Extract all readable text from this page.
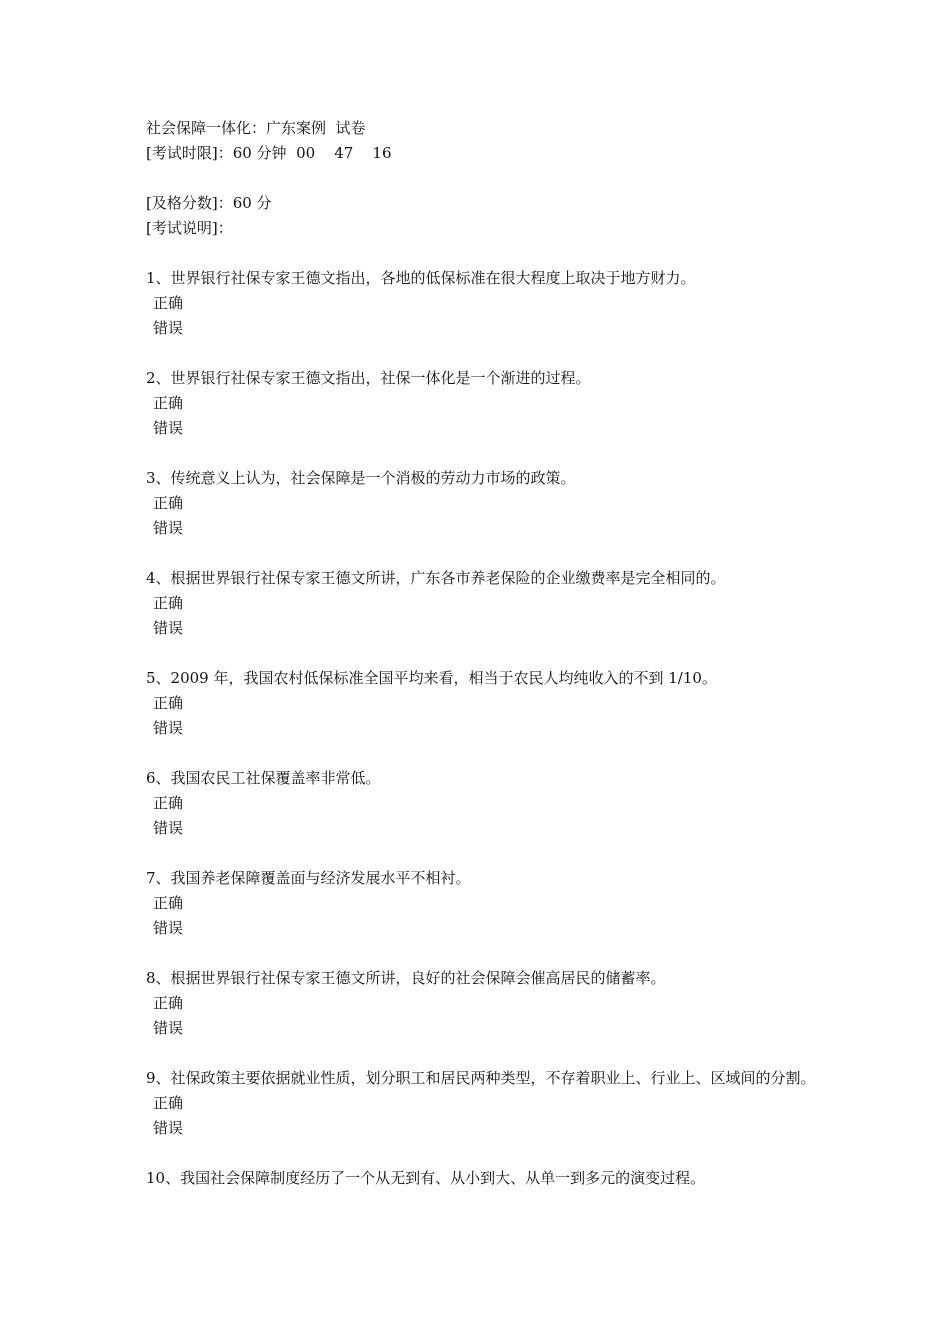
社会保障一体化：广东案例  试卷
[考试时限]：60 分钟  00    47    16
[及格分数]：60 分
[考试说明]：
1、世界银行社保专家王德文指出，各地的低保标准在很大程度上取决于地方财力。
正确
错误
2、世界银行社保专家王德文指出，社保一体化是一个渐进的过程。
正确
错误
3、传统意义上认为，社会保障是一个消极的劳动力市场的政策。
正确
错误
4、根据世界银行社保专家王德文所讲，广东各市养老保险的企业缴费率是完全相同的。
正确
错误
5、2009 年，我国农村低保标准全国平均来看，相当于农民人均纯收入的不到 1/10。
正确
错误
6、我国农民工社保覆盖率非常低。
正确
错误
7、我国养老保障覆盖面与经济发展水平不相衬。
正确
错误
8、根据世界银行社保专家王德文所讲，良好的社会保障会催高居民的储蓄率。
正确
错误
9、社保政策主要依据就业性质，划分职工和居民两种类型，不存着职业上、行业上、区域间的分割。
正确
错误
10、我国社会保障制度经历了一个从无到有、从小到大、从单一到多元的演变过程。
